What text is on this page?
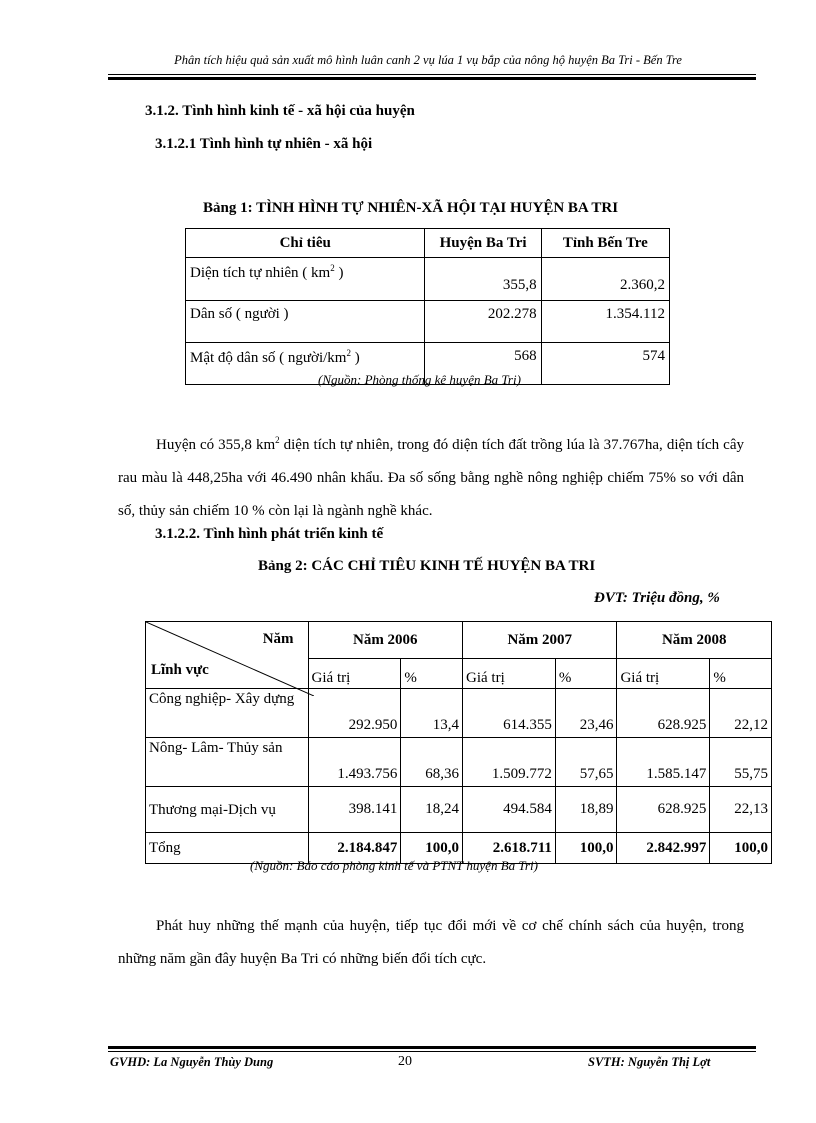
Phân tích hiệu quả sản xuất mô hình luân canh 2 vụ lúa 1 vụ bắp của nông hộ huyện Ba Tri - Bến Tre
3.1.2. Tình hình kinh tế - xã hội của huyện
3.1.2.1 Tình hình tự nhiên - xã hội
Bảng 1: TÌNH HÌNH TỰ NHIÊN-XÃ HỘI TẠI HUYỆN BA TRI
Chỉ tiêu	Huyện Ba Tri	Tỉnh Bến Tre
Diện tích tự nhiên ( $km^2$ )	355,8	2.360,2
Dân số ( người )	202.278	1.354.112
Mật độ dân số ( người/$km^2$ )	568	574
(Nguồn: Phòng thống kê huyện Ba Tri)

Huyện có 355,8 $km^2$ diện tích tự nhiên, trong đó diện tích đất trồng lúa là 37.767ha, diện tích cây rau màu là 448,25ha với 46.490 nhân khẩu. Đa số sống bằng nghề nông nghiệp chiếm 75% so với dân số, thủy sản chiếm 10 % còn lại là ngành nghề khác.

3.1.2.2. Tình hình phát triển kinh tế
Bảng 2: CÁC CHỈ TIÊU KINH TẾ HUYỆN BA TRI
ĐVT: Triệu đồng, %
Năm
Lĩnh vực	Năm 2006		Năm 2007		Năm 2008	
	Giá trị	%	Giá trị	%	Giá trị	%
Công nghiệp- Xây dựng	292.950	13,4	614.355	23,46	628.925	22,12
Nông- Lâm- Thủy sản	1.493.756	68,36	1.509.772	57,65	1.585.147	55,75
Thương mại-Dịch vụ	398.141	18,24	494.584	18,89	628.925	22,13
Tổng	2.184.847	100,0	2.618.711	100,0	2.842.997	100,0
(Nguồn: Báo cáo phòng kinh tế và PTNT huyện Ba Tri)

Phát huy những thế mạnh của huyện, tiếp tục đổi mới về cơ chế chính sách của huyện, trong những năm gần đây huyện Ba Tri có những biến đổi tích cực.

GVHD: La Nguyễn Thùy Dung	20	SVTH: Nguyễn Thị Lợt
